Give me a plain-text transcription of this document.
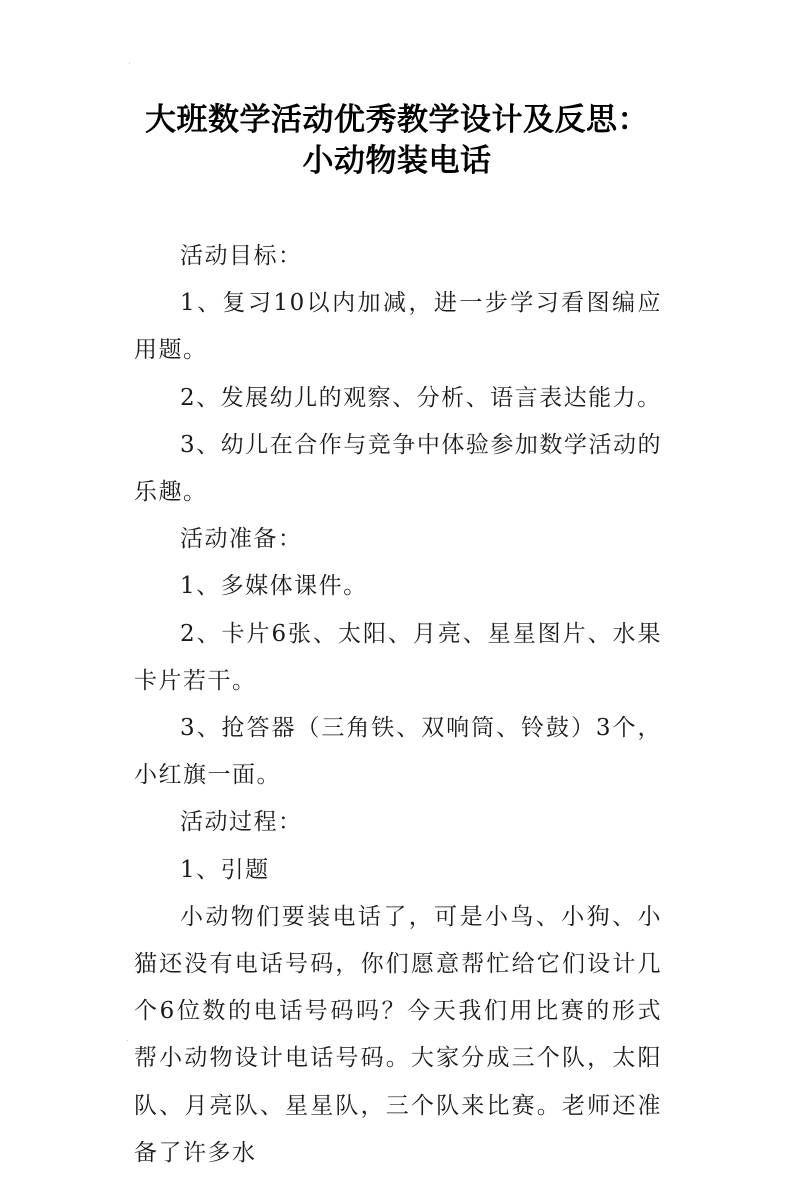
·
大班数学活动优秀教学设计及反思：
小动物装电话

活动目标：

1、复习10以内加减，进一步学习看图编应用题。

2、发展幼儿的观察、分析、语言表达能力。

3、幼儿在合作与竞争中体验参加数学活动的乐趣。

活动准备：

1、多媒体课件。

2、卡片6张、太阳、月亮、星星图片、水果卡片若干。

3、抢答器（三角铁、双响筒、铃鼓）3个，小红旗一面。

活动过程：

1、引题

小动物们要装电话了，可是小鸟、小狗、小猫还没有电话号码，你们愿意帮忙给它们设计几个6位数的电话号码吗？今天我们用比赛的形式帮小动物设计电话号码。大家分成三个队，太阳队、月亮队、星星队，三个队来比赛。老师还准备了许多水

·
